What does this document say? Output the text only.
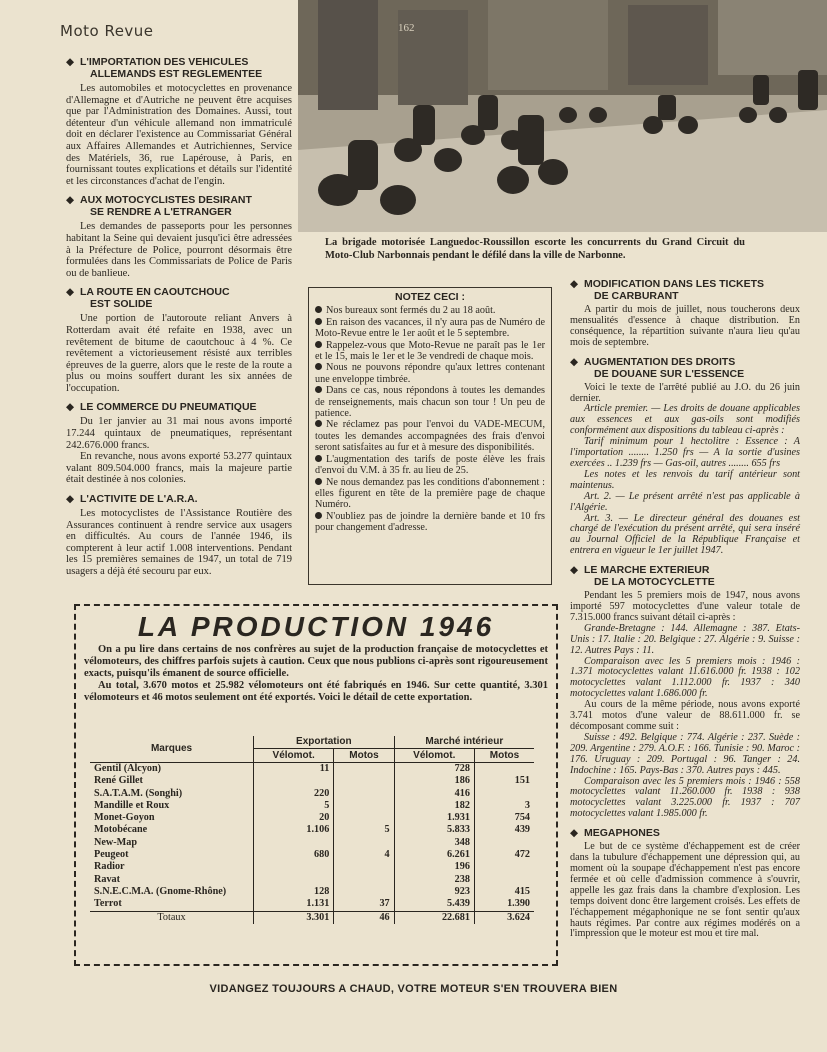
Moto Revue	162
La brigade motorisée Languedoc-Roussillon escorte les concurrents du Grand Circuit du Moto-Club Narbonnais pendant le défilé dans la ville de Narbonne.
◆ L'IMPORTATION DES VEHICULES
ALLEMANDS EST REGLEMENTEE

Les automobiles et motocyclettes en provenance d'Allemagne et d'Autriche ne peuvent être acquises que par l'Administration des Domaines. Aussi, tout détenteur d'un véhicule allemand non immatriculé doit en déclarer l'existence au Commissariat Général aux Affaires Allemandes et Autrichiennes, Service des Matériels, 36, rue Lapérouse, à Paris, en fournissant toutes explications et détails sur l'identité et les circonstances d'achat de l'engin.

◆ AUX MOTOCYCLISTES DESIRANT
SE RENDRE A L'ETRANGER

Les demandes de passeports pour les personnes habitant la Seine qui devaient jusqu'ici être adressées à la Préfecture de Police, pourront désormais être formulées dans les Commissariats de Police de Paris ou de banlieue.

◆ LA ROUTE EN CAOUTCHOUC
EST SOLIDE

Une portion de l'autoroute reliant Anvers à Rotterdam avait été refaite en 1938, avec un revêtement de bitume de caoutchouc à 4 %. Ce revêtement a victorieusement résisté aux terribles épreuves de la guerre, alors que le reste de la route a plus ou moins souffert durant les six années de l'occupation.

◆ LE COMMERCE DU PNEUMATIQUE

Du 1er janvier au 31 mai nous avons importé 17.244 quintaux de pneumatiques, représentant 242.676.000 francs.

En revanche, nous avons exporté 53.277 quintaux valant 809.504.000 francs, mais la majeure partie était destinée à nos colonies.

◆ L'ACTIVITE DE L'A.R.A.

Les motocyclistes de l'Assistance Routière des Assurances continuent à rendre service aux usagers en difficultés. Au cours de l'année 1946, ils compterent à leur actif 1.008 interventions. Pendant les 15 premières semaines de 1947, un total de 719 usagers a déjà été secouru par eux.

NOTEZ CECI :

Nos bureaux sont fermés du 2 au 18 août.

En raison des vacances, il n'y aura pas de Numéro de Moto-Revue entre le 1er août et le 5 septembre.

Rappelez-vous que Moto-Revue ne paraît pas le 1er et le 15, mais le 1er et le 3e vendredi de chaque mois.

Nous ne pouvons répondre qu'aux lettres contenant une enveloppe timbrée.

Dans ce cas, nous répondons à toutes les demandes de renseignements, mais chacun son tour ! Un peu de patience.

Ne réclamez pas pour l'envoi du VADE-MECUM, toutes les demandes accompagnées des frais d'envoi seront satisfaites au fur et à mesure des disponibilités.

L'augmentation des tarifs de poste élève les frais d'envoi du V.M. à 35 fr. au lieu de 25.

Ne nous demandez pas les conditions d'abonnement : elles figurent en tête de la première page de chaque Numéro.

N'oubliez pas de joindre la dernière bande et 10 frs pour changement d'adresse.

◆ MODIFICATION DANS LES TICKETS
DE CARBURANT

A partir du mois de juillet, nous toucherons deux mensualités d'essence à chaque distribution. En conséquence, la répartition suivante n'aura lieu qu'au mois de septembre.

◆ AUGMENTATION DES DROITS
DE DOUANE SUR L'ESSENCE

Voici le texte de l'arrêté publié au J.O. du 26 juin dernier.

Article premier. — Les droits de douane applicables aux essences et aux gas-oils sont modifiés conformément aux dispositions du tableau ci-après :

Tarif minimum pour 1 hectolitre : Essence : A l'importation ........ 1.250 frs — A la sortie d'usines exercées .. 1.239 frs — Gas-oil, autres ........ 655 frs

Les notes et les renvois du tarif antérieur sont maintenus.

Art. 2. — Le présent arrêté n'est pas applicable à l'Algérie.

Art. 3. — Le directeur général des douanes est chargé de l'exécution du présent arrêté, qui sera inséré au Journal Officiel de la République Française et entrera en vigueur le 1er juillet 1947.

◆ LE MARCHE EXTERIEUR
DE LA MOTOCYCLETTE

Pendant les 5 premiers mois de 1947, nous avons importé 597 motocyclettes d'une valeur totale de 7.315.000 francs suivant détail ci-après :

Grande-Bretagne : 144. Allemagne : 387. Etats-Unis : 17. Italie : 20. Belgique : 27. Algérie : 9. Suisse : 12. Autres Pays : 11.

Comparaison avec les 5 premiers mois : 1946 : 1.371 motocyclettes valant 11.616.000 fr. 1938 : 102 motocyclettes valant 1.112.000 fr. 1937 : 340 motocyclettes valant 1.686.000 fr.

Au cours de la même période, nous avons exporté 3.741 motos d'une valeur de 88.611.000 fr. se décomposant comme suit :

Suisse : 492. Belgique : 774. Algérie : 237. Suède : 209. Argentine : 279. A.O.F. : 166. Tunisie : 90. Maroc : 176. Uruguay : 209. Portugal : 96. Tanger : 24. Indochine : 165. Pays-Bas : 370. Autres pays : 445.

Comparaison avec les 5 premiers mois : 1946 : 558 motocyclettes valant 11.260.000 fr. 1938 : 938 motocyclettes valant 3.225.000 fr. 1937 : 707 motocyclettes valant 1.985.000 fr.

◆ MEGAPHONES

Le but de ce système d'échappement est de créer dans la tubulure d'échappement une dépression qui, au moment où la soupape d'échappement n'est pas encore fermée et où celle d'admission commence à s'ouvrir, appelle les gaz frais dans la chambre d'explosion. Les temps doivent donc être largement croisés. Les effets de l'échappement mégaphonique ne se font sentir qu'aux hauts régimes. Par contre aux régimes modérés on a l'impression que le moteur est mou et tire mal.

LA PRODUCTION 1946

On a pu lire dans certains de nos confrères au sujet de la production française de motocyclettes et vélomoteurs, des chiffres parfois sujets à caution. Ceux que nous publions ci-après sont rigoureusement exacts, puisqu'ils émanent de source officielle.

Au total, 3.670 motos et 25.982 vélomoteurs ont été fabriqués en 1946. Sur cette quantité, 3.301 vélomoteurs et 46 motos seulement ont été exportés. Voici le détail de cette exportation.

Marques	Exportation		Marché intérieur	
	Vélomot.	Motos	Vélomot.	Motos
Gentil (Alcyon)	11		728	
René Gillet			186	151
S.A.T.A.M. (Songhi)	220		416	
Mandille et Roux	5		182	3
Monet-Goyon	20		1.931	754
Motobécane	1.106	5	5.833	439
New-Map			348	
Peugeot	680	4	6.261	472
Radior			196	
Ravat			238	
S.N.E.C.M.A. (Gnome-Rhône)	128		923	415
Terrot	1.131	37	5.439	1.390
Totaux	3.301	46	22.681	3.624
VIDANGEZ TOUJOURS A CHAUD, VOTRE MOTEUR S'EN TROUVERA BIEN
